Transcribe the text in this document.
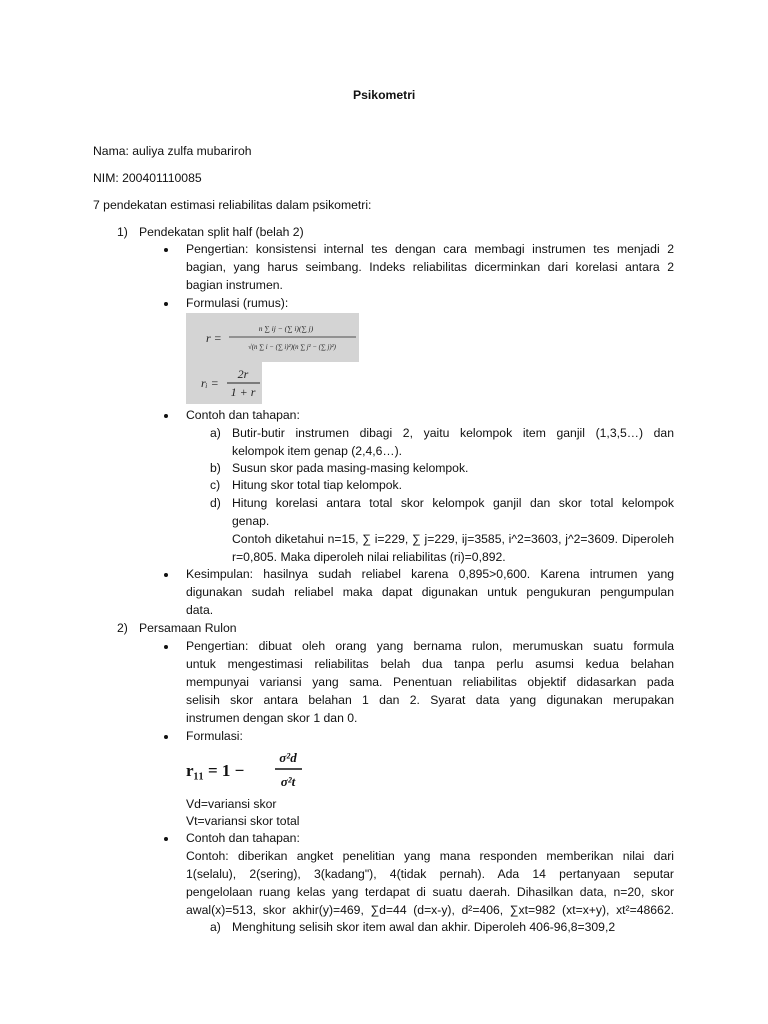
Psikometri
Nama: auliya zulfa mubariroh
NIM: 200401110085
7 pendekatan estimasi reliabilitas dalam psikometri:
1) Pendekatan split half (belah 2)
Pengertian: konsistensi internal tes dengan cara membagi instrumen tes menjadi 2
bagian, yang harus seimbang. Indeks reliabilitas dicerminkan dari korelasi antara 2
bagian instrumen.
Formulasi (rumus):
r =
n ∑ ij − (∑ i)(∑ j)
√(n ∑ i − (∑ i)²)(n ∑ j² − (∑ j)²)
rᵢ =
2r
1 + r
Contoh dan tahapan:
a) Butir-butir instrumen dibagi 2, yaitu kelompok item ganjil (1,3,5…) dan
kelompok item genap (2,4,6…).
b) Susun skor pada masing-masing kelompok.
c) Hitung skor total tiap kelompok.
d) Hitung korelasi antara total skor kelompok ganjil dan skor total kelompok
genap.
Contoh diketahui n=15, ∑ i=229, ∑ j=229, ij=3585, i^2=3603, j^2=3609. Diperoleh
r=0,805. Maka diperoleh nilai reliabilitas (ri)=0,892.
Kesimpulan: hasilnya sudah reliabel karena 0,895>0,600. Karena intrumen yang
digunakan sudah reliabel maka dapat digunakan untuk pengukuran pengumpulan
data.
2) Persamaan Rulon
Pengertian: dibuat oleh orang yang bernama rulon, merumuskan suatu formula
untuk mengestimasi reliabilitas belah dua tanpa perlu asumsi kedua belahan
mempunyai variansi yang sama. Penentuan reliabilitas objektif didasarkan pada
selisih skor antara belahan 1 dan 2. Syarat data yang digunakan merupakan
instrumen dengan skor 1 dan 0.
Formulasi:
r₁₁ = 1 −
σ²d
σ²t
Vd=variansi skor
Vt=variansi skor total
Contoh dan tahapan:
Contoh: diberikan angket penelitian yang mana responden memberikan nilai dari
1(selalu), 2(sering), 3(kadang"), 4(tidak pernah). Ada 14 pertanyaan seputar
pengelolaan ruang kelas yang terdapat di suatu daerah. Dihasilkan data, n=20, skor
awal(x)=513, skor akhir(y)=469, ∑d=44 (d=x-y), d²=406, ∑xt=982 (xt=x+y), xt²=48662.
a) Menghitung selisih skor item awal dan akhir. Diperoleh 406-96,8=309,2
